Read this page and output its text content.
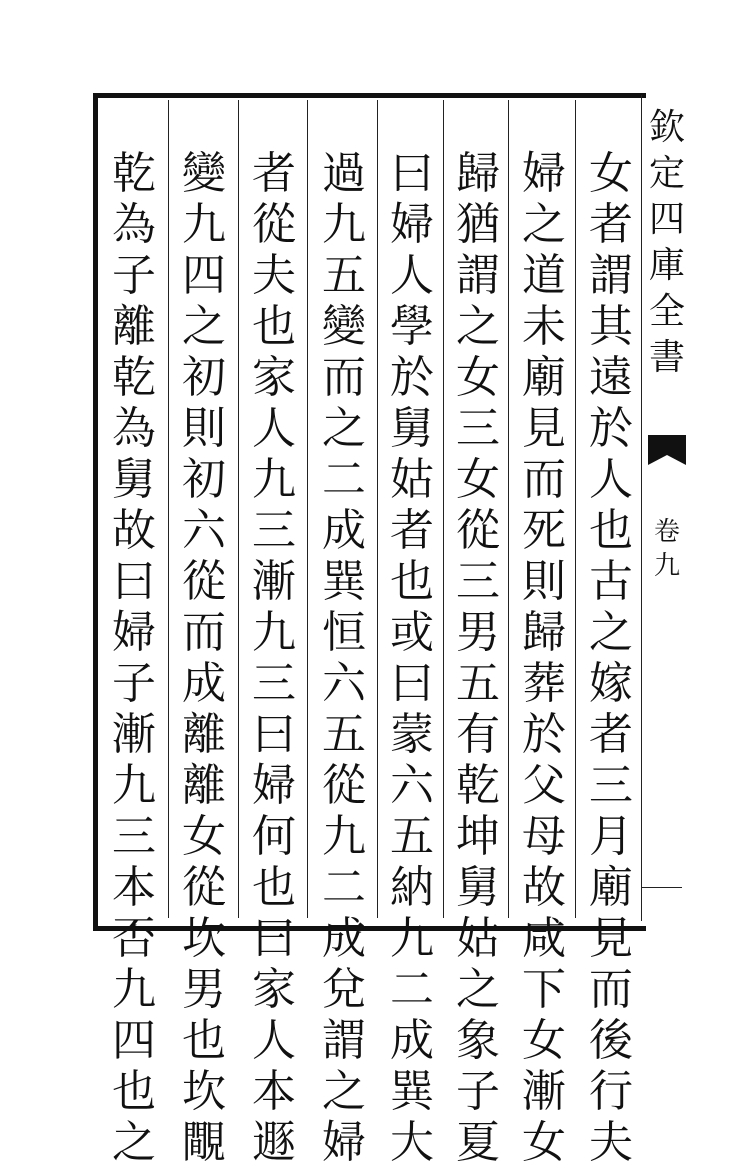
女
者
謂
其
遠
於
人
也
古
之
嫁
者
三
月
廟
見
而
後
行
夫
婦
之
道
未
廟
見
而
死
則
歸
葬
於
父
母
故
咸
下
女
漸
女
歸
猶
謂
之
女
三
女
從
三
男
五
有
乾
坤
舅
姑
之
象
子
夏
曰
婦
人
學
於
舅
姑
者
也
或
曰
蒙
六
五
納
九
二
成
巽
大
過
九
五
變
而
之
二
成
巽
恒
六
五
從
九
二
成
兌
謂
之
婦
者
從
夫
也
家
人
九
三
漸
九
三
曰
婦
何
也
曰
家
人
本
遯
變
九
四
之
初
則
初
六
從
而
成
離
離
女
從
坎
男
也
坎
覸
乾
為
子
離
乾
為
舅
故
曰
婦
子
漸
九
三
本
否
九
四
也
之
欽
定
四
庫
全
書
卷
九
